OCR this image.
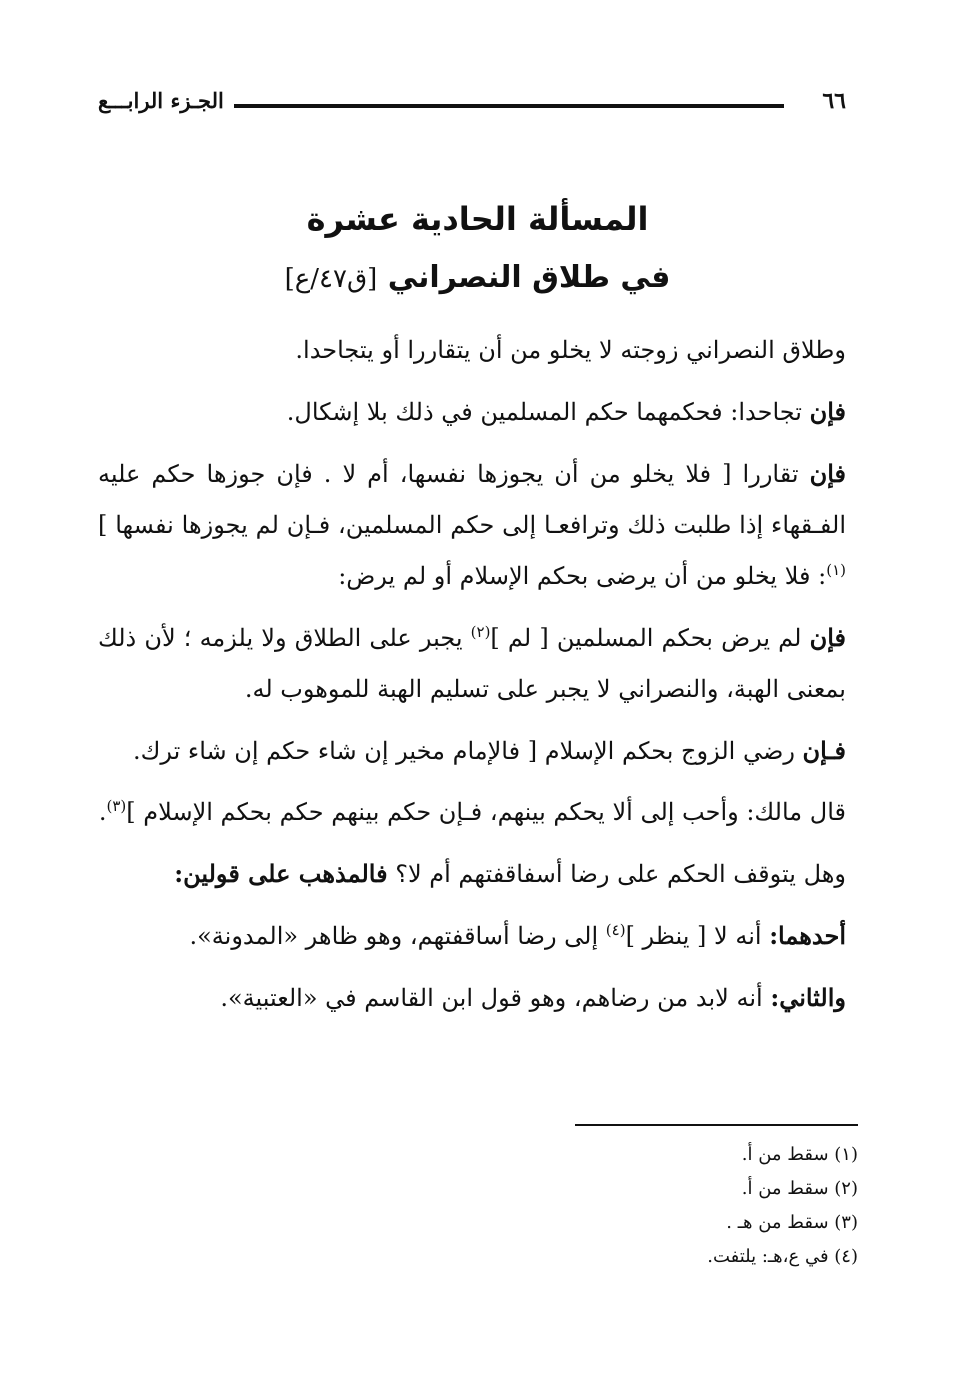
الجـزء الرابـــع	٦٦
المسألة الحادية عشرة
في طلاق النصراني [ق٤٧/ع]

وطلاق النصراني زوجته لا يخلو من أن يتقاررا أو يتجاحدا.

فإن تجاحدا: فحكمهما حكم المسلمين في ذلك بلا إشكال.

فإن تقاررا [ فلا يخلو من أن يجوزها نفسها، أم لا . فإن جوزها حكم عليه الفـقهاء إذا طلبت ذلك وترافعـا إلى حكم المسلمين، فـإن لم يجوزها نفسها ]$^{(١)}$: فلا يخلو من أن يرضى بحكم الإسلام أو لم يرض:

فإن لم يرض بحكم المسلمين [ لم ]$^{(٢)}$ يجبر على الطلاق ولا يلزمه ؛ لأن ذلك بمعنى الهبة، والنصراني لا يجبر على تسليم الهبة للموهوب له.

فـإن رضي الزوج بحكم الإسلام [ فالإمام مخير إن شاء حكم إن شاء ترك.

قال مالك: وأحب إلى ألا يحكم بينهم، فـإن حكم بينهم حكم بحكم الإسلام ]$^{(٣)}$.

وهل يتوقف الحكم على رضا أسفاقفتهم أم لا؟ فالمذهب على قولين:

أحدهما: أنه لا [ ينظر ]$^{(٤)}$ إلى رضا أساقفتهم، وهو ظاهر «المدونة».

والثاني: أنه لابد من رضاهم، وهو قول ابن القاسم في «العتبية».

(١) سقط من أ.
(٢) سقط من أ.
(٣) سقط من هـ .
(٤) في ع،هـ: يلتفت.
